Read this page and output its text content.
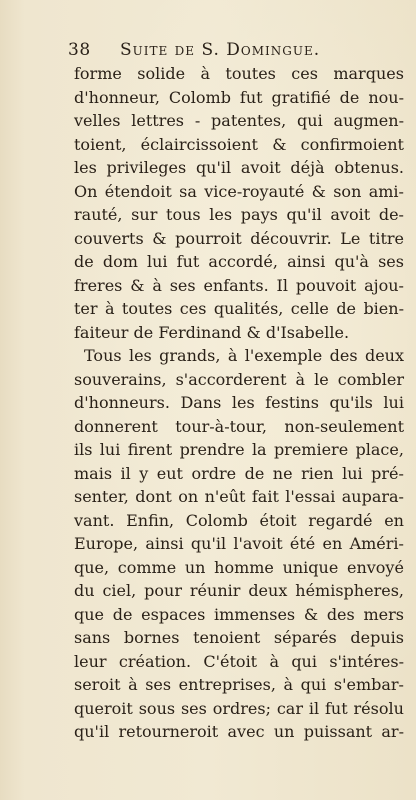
38 Suite de S. Domingue.
forme solide à toutes ces marques
d'honneur, Colomb fut gratifié de nou-
velles lettres - patentes, qui augmen-
toient, éclaircissoient & confirmoient
les privileges qu'il avoit déjà obtenus.
On étendoit sa vice-royauté & son ami-
rauté, sur tous les pays qu'il avoit de-
couverts & pourroit découvrir. Le titre
de dom lui fut accordé, ainsi qu'à ses
freres & à ses enfants. Il pouvoit ajou-
ter à toutes ces qualités, celle de bien-
faiteur de Ferdinand & d'Isabelle.
Tous les grands, à l'exemple des deux
souverains, s'accorderent à le combler
d'honneurs. Dans les festins qu'ils lui
donnerent tour-à-tour, non-seulement
ils lui firent prendre la premiere place,
mais il y eut ordre de ne rien lui pré-
senter, dont on n'eût fait l'essai aupara-
vant. Enfin, Colomb étoit regardé en
Europe, ainsi qu'il l'avoit été en Améri-
que, comme un homme unique envoyé
du ciel, pour réunir deux hémispheres,
que de espaces immenses & des mers
sans bornes tenoient séparés depuis
leur création. C'étoit à qui s'intéres-
seroit à ses entreprises, à qui s'embar-
queroit sous ses ordres; car il fut résolu
qu'il retourneroit avec un puissant ar-
